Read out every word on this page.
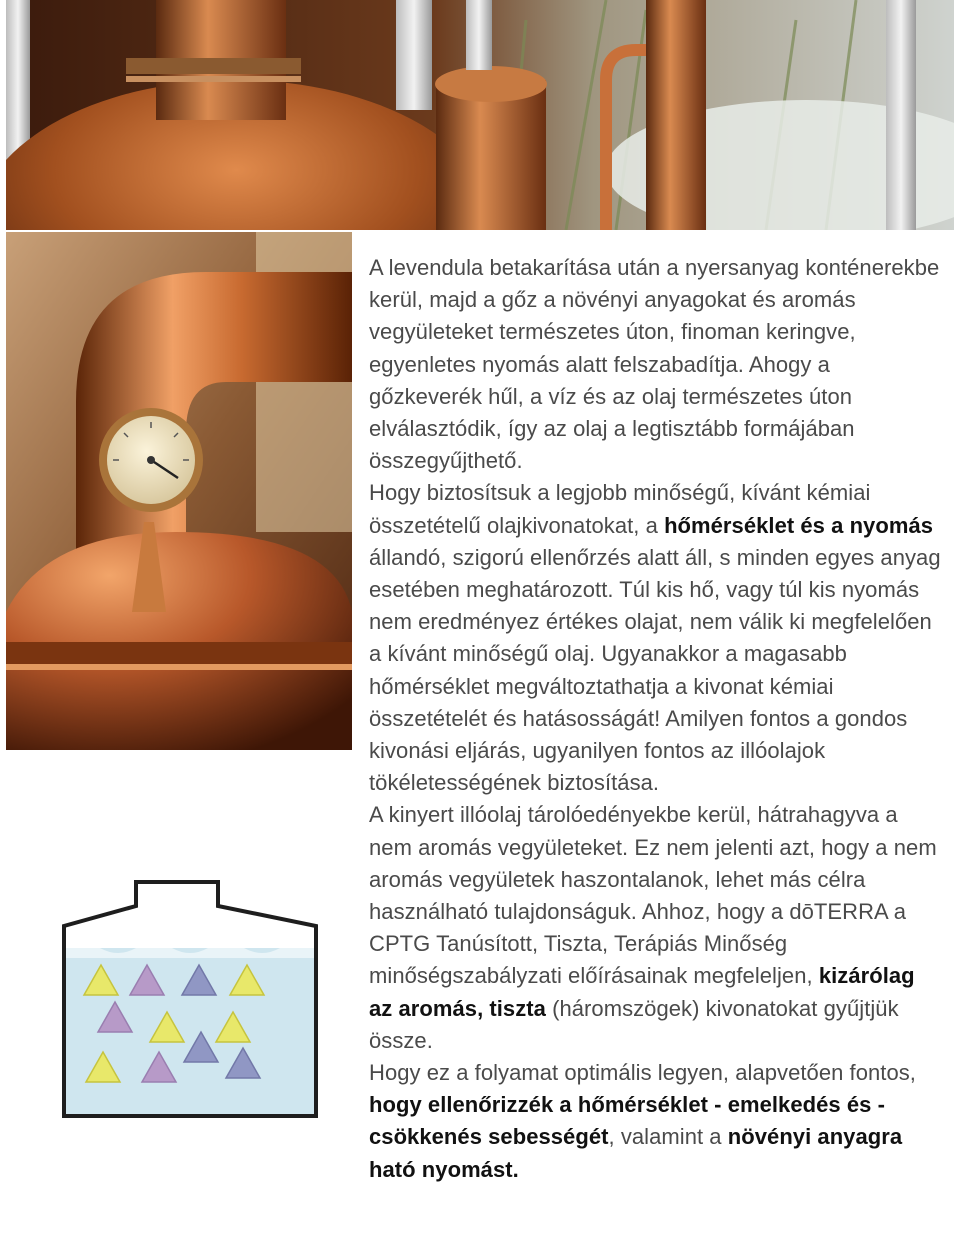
A levendula betakarítása után a nyersanyag konténerekbe kerül, majd a gőz a növényi anyagokat és aromás vegyületeket természetes úton, finoman keringve, egyenletes nyomás alatt felszabadítja. Ahogy a gőzkeverék hűl, a víz és az olaj természetes úton elválasztódik, így az olaj a legtisztább formájában összegyűjthető.

Hogy biztosítsuk a legjobb minőségű, kívánt kémiai összetételű olajkivonatokat, a hőmérséklet és a nyomás állandó, szigorú ellenőrzés alatt áll, s minden egyes anyag esetében meghatározott. Túl kis hő, vagy túl kis nyomás nem eredményez értékes olajat, nem válik ki megfelelően a kívánt minőségű olaj. Ugyanakkor a magasabb hőmérséklet megváltoztathatja a kivonat kémiai összetételét és hatásosságát! Amilyen fontos a gondos kivonási eljárás, ugyanilyen fontos az illóolajok tökéletességének biztosítása.

A kinyert illóolaj tárolóedényekbe kerül, hátrahagyva a nem aromás vegyületeket. Ez nem jelenti azt, hogy a nem aromás vegyületek haszontalanok, lehet más célra használható tulajdonságuk. Ahhoz, hogy a dōTERRA a CPTG Tanúsított, Tiszta, Terápiás Minőség minőségszabályzati előírásainak megfeleljen, kizárólag az aromás, tiszta (háromszögek) kivonatokat gyűjtjük össze.

Hogy ez a folyamat optimális legyen, alapvetően fontos, hogy ellenőrizzék a hőmérséklet - emelkedés és - csökkenés sebességét, valamint a növényi anyagra ható nyomást.
